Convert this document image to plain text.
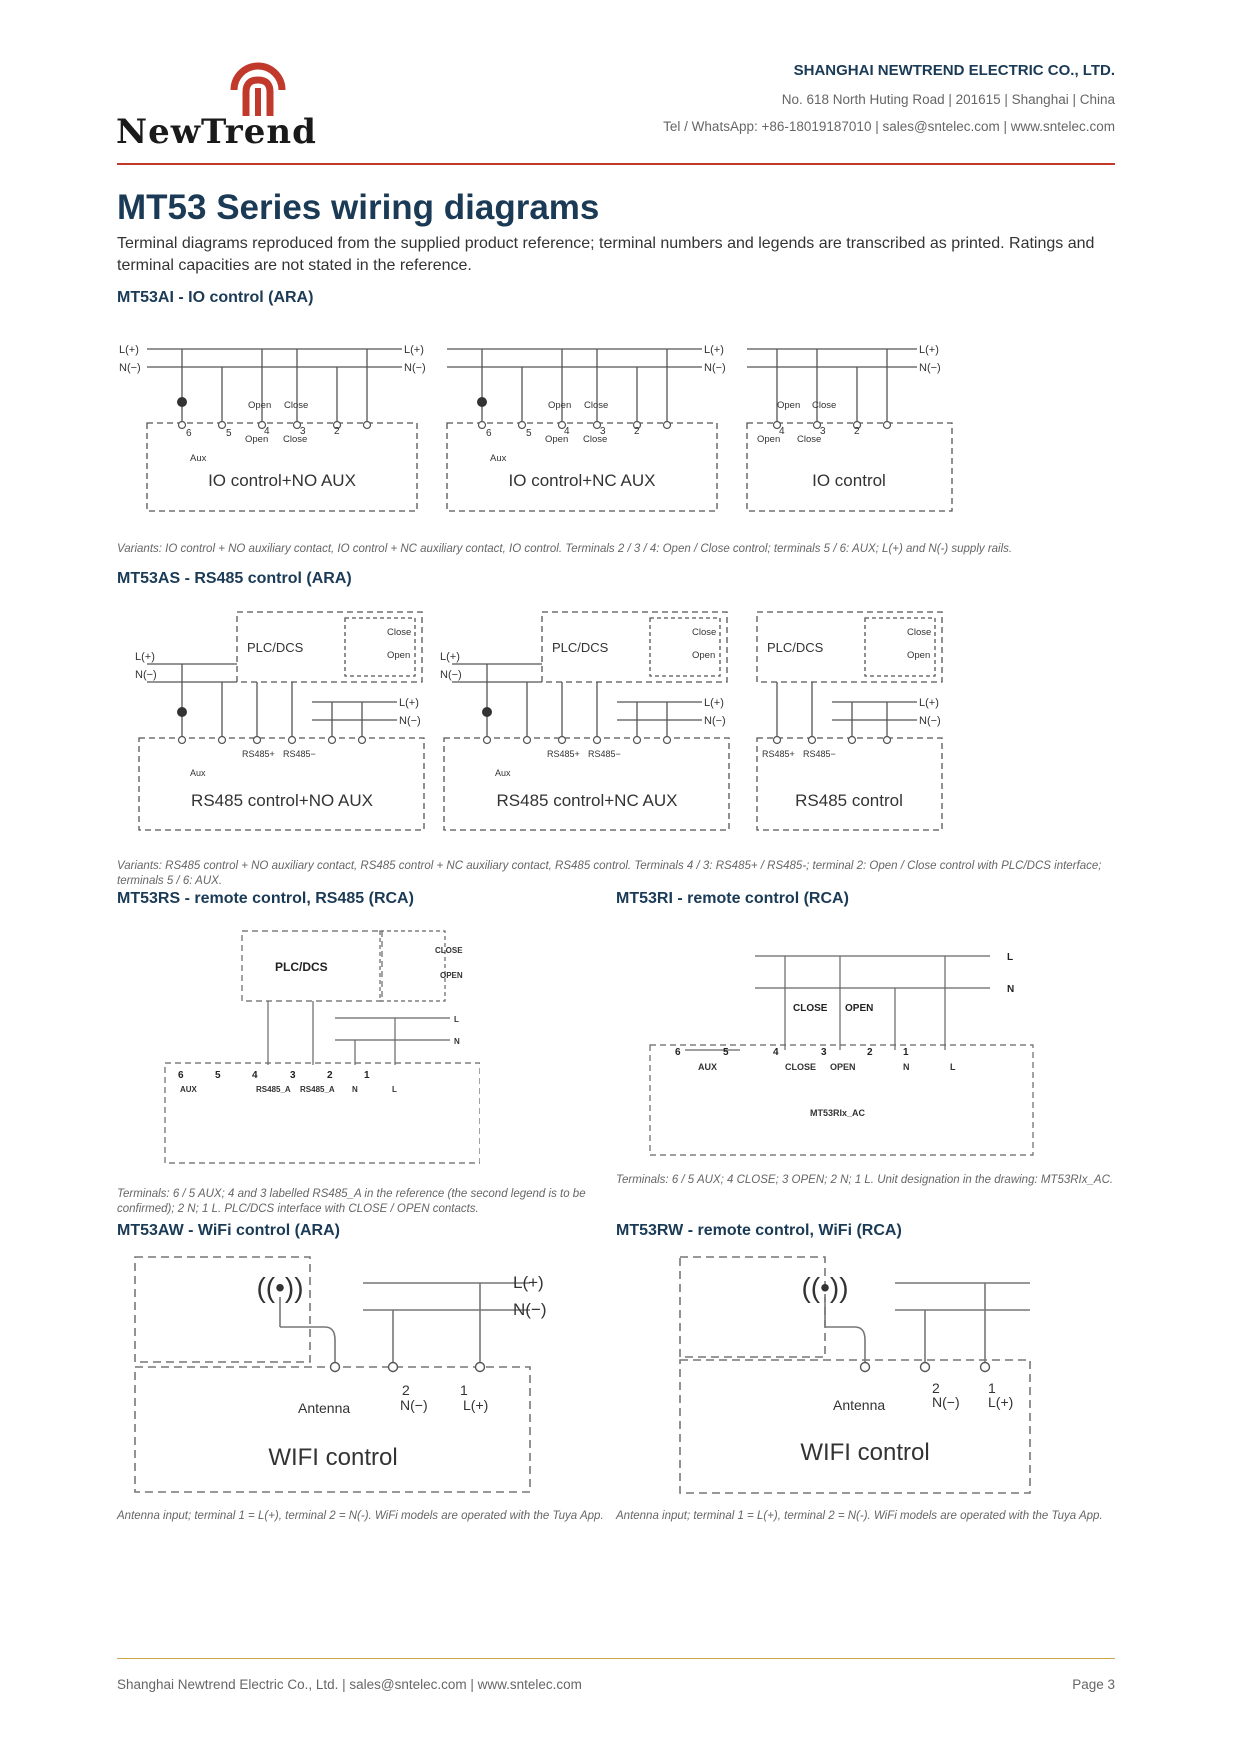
NewTrend
SHANGHAI NEWTREND ELECTRIC CO., LTD.
No. 618 North Huting Road | 201615 | Shanghai | China
Tel / WhatsApp: +86-18019187010 | sales@sntelec.com | www.sntelec.com
MT53 Series wiring diagrams
Terminal diagrams reproduced from the supplied product reference; terminal numbers and legends are transcribed as printed. Ratings and terminal capacities are not stated in the reference.
MT53AI - IO control (ARA)
L(+)
N(−)
L(+)
N(−)
L(+)
N(−)
L(+)
N(−)
Open Close
Open Close
Aux
Open Close
Open Close
Aux
Open Close
Open Close
6	5	4	3	2	6	5	4	3	2	4	3	2
IO control+NO AUX	IO control+NC AUX	IO control
Variants: IO control + NO auxiliary contact, IO control + NC auxiliary contact, IO control. Terminals 2 / 3 / 4: Open / Close control; terminals 5 / 6: AUX; L(+) and N(-) supply rails.
MT53AS - RS485 control (ARA)
PLC/DCS	PLC/DCS	PLC/DCS
Close
Open
Close
Open
Close
Open
L(+)
N(−)
L(+)
N(−)
L(+)
N(−)
L(+)
N(−)
L(+)
N(−)
RS485+ RS485−	RS485+ RS485−	RS485+ RS485−
Aux	Aux
RS485 control+NO AUX	RS485 control+NC AUX	RS485 control
Variants: RS485 control + NO auxiliary contact, RS485 control + NC auxiliary contact, RS485 control. Terminals 4 / 3: RS485+ / RS485-; terminal 2: Open / Close control with PLC/DCS interface; terminals 5 / 6: AUX.
MT53RS - remote control, RS485 (RCA)	MT53RI - remote control (RCA)
PLC/DCS
CLOSE
OPEN
AUX	RS485_A RS485_A N	L
L
N
6	5	4	3	2	1
CLOSE OPEN
L
N
6	5	4	3	2	1
AUX	CLOSE OPEN	N	L
MT53RIx_AC
Terminals: 6 / 5 AUX; 4 CLOSE; 3 OPEN; 2 N; 1 L. Unit designation in the drawing: MT53RIx_AC.
Terminals: 6 / 5 AUX; 4 and 3 labelled RS485_A in the reference (the second legend is to be confirmed); 2 N; 1 L. PLC/DCS interface with CLOSE / OPEN contacts.
MT53AW - WiFi control (ARA)	MT53RW - remote control, WiFi (RCA)
((•))	L(+)
N(−)
2	1
N(−)	L(+)
Antenna
WIFI control
((•))
2	1
N(−) L(+)
Antenna
WIFI control
Antenna input; terminal 1 = L(+), terminal 2 = N(-). WiFi models are operated with the Tuya App.	Antenna input; terminal 1 = L(+), terminal 2 = N(-). WiFi models are operated with the Tuya App.
Shanghai Newtrend Electric Co., Ltd. | sales@sntelec.com | www.sntelec.com	Page 3
